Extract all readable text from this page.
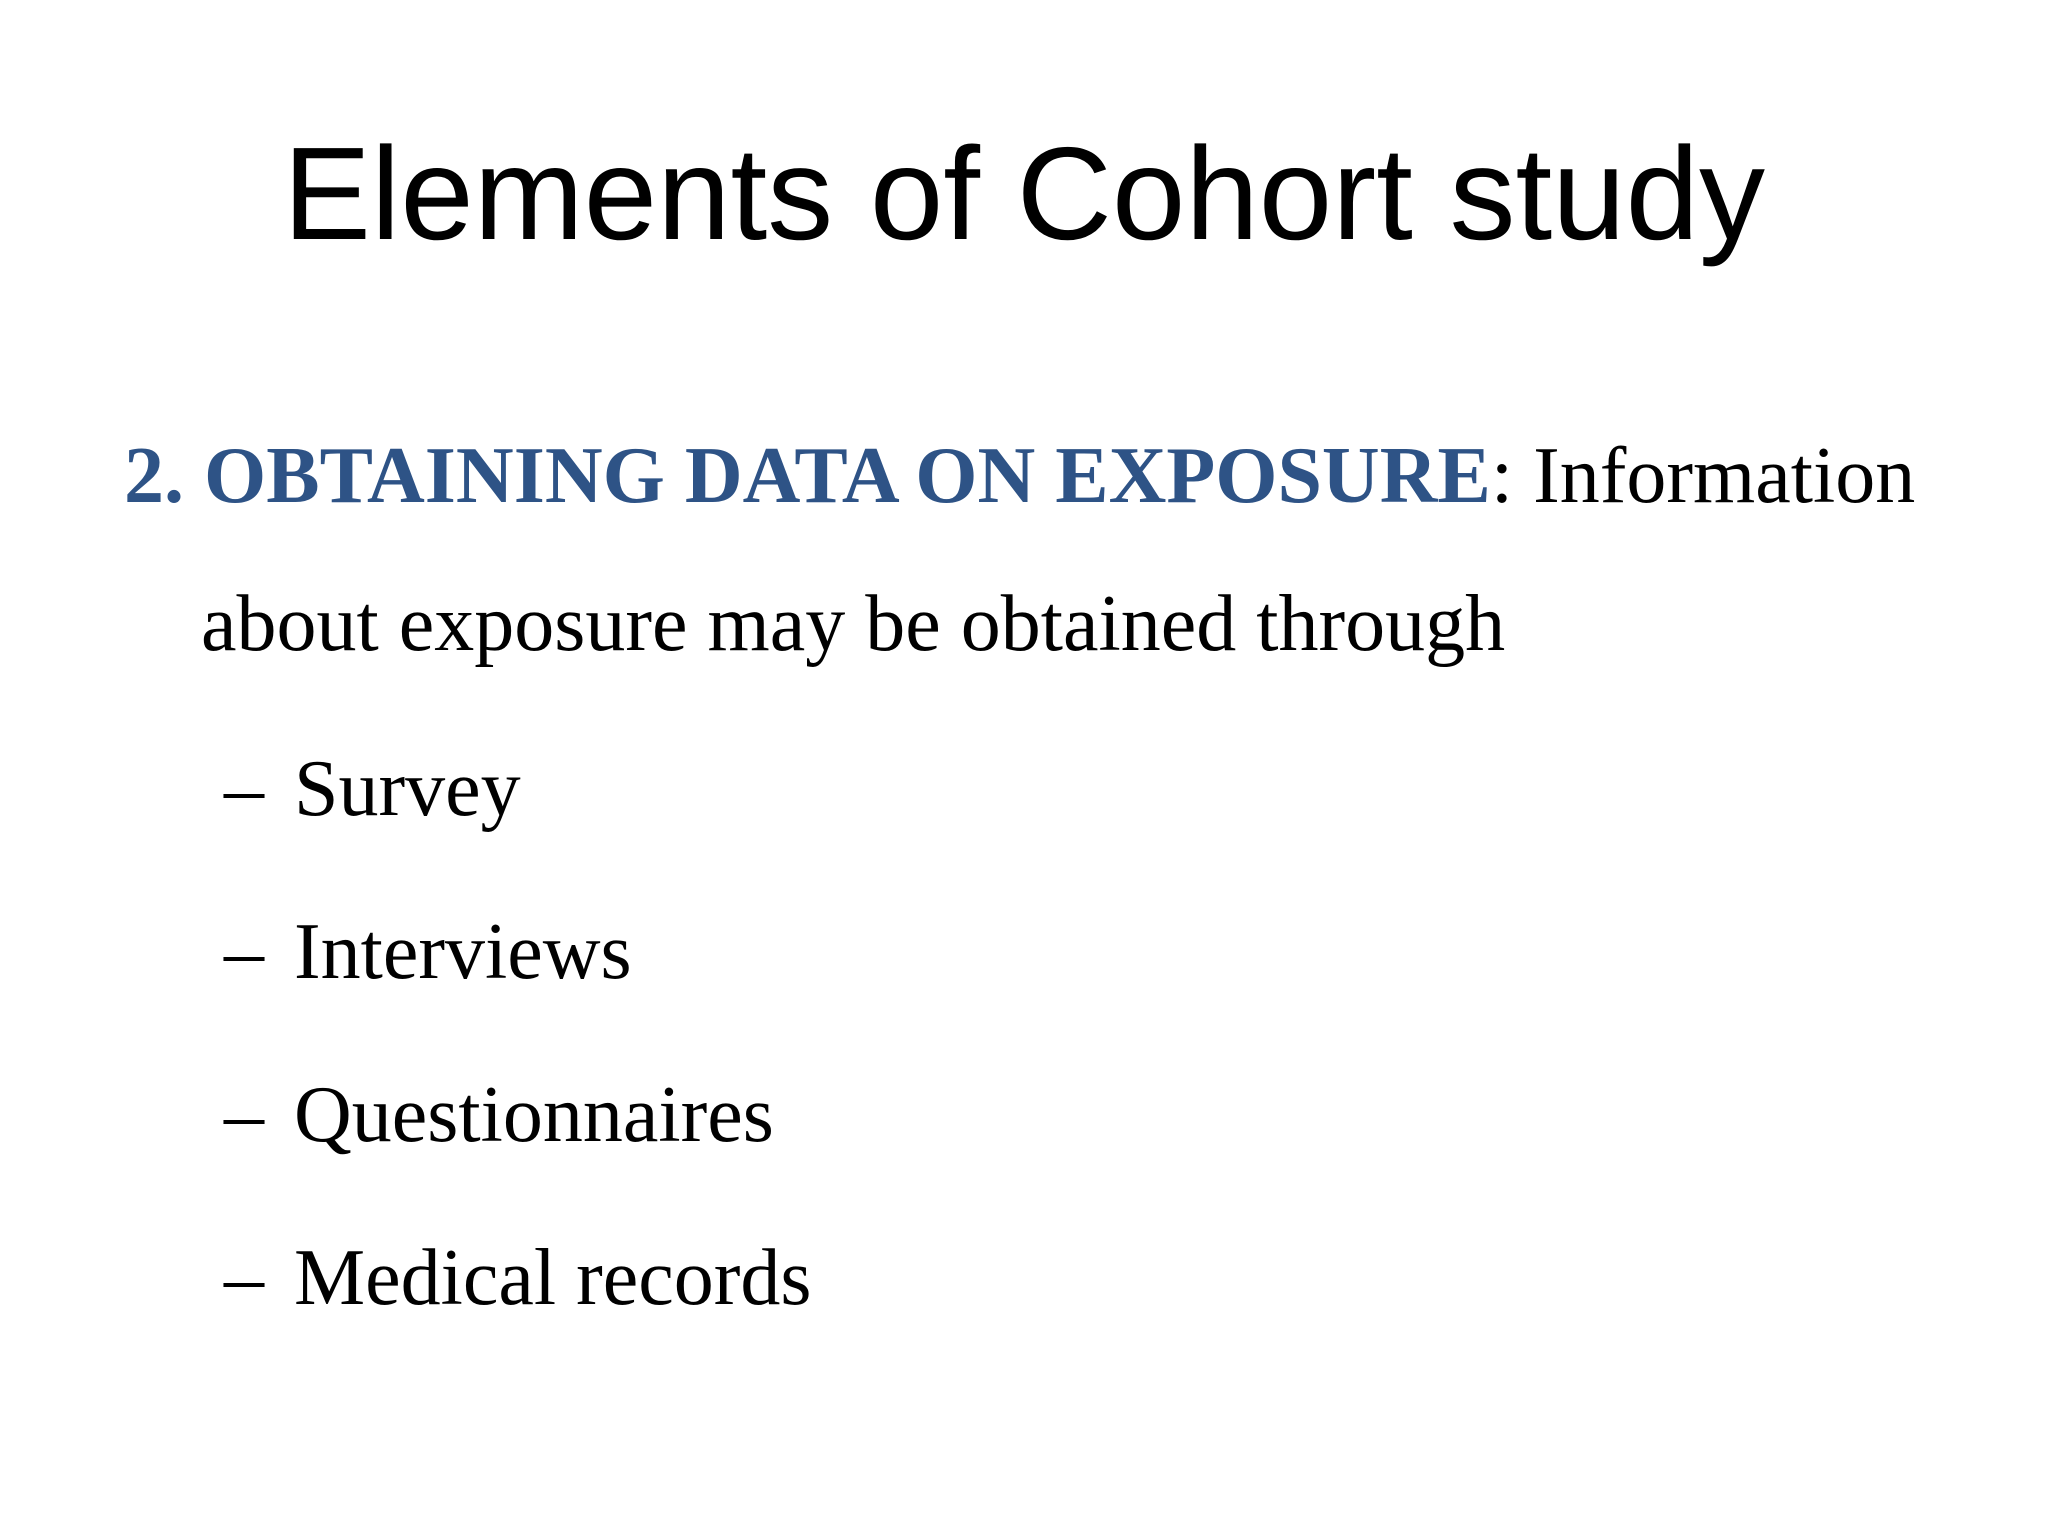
Elements of Cohort study
2. OBTAINING DATA ON EXPOSURE: Information
about exposure may be obtained through
– Survey
– Interviews
– Questionnaires
– Medical records
